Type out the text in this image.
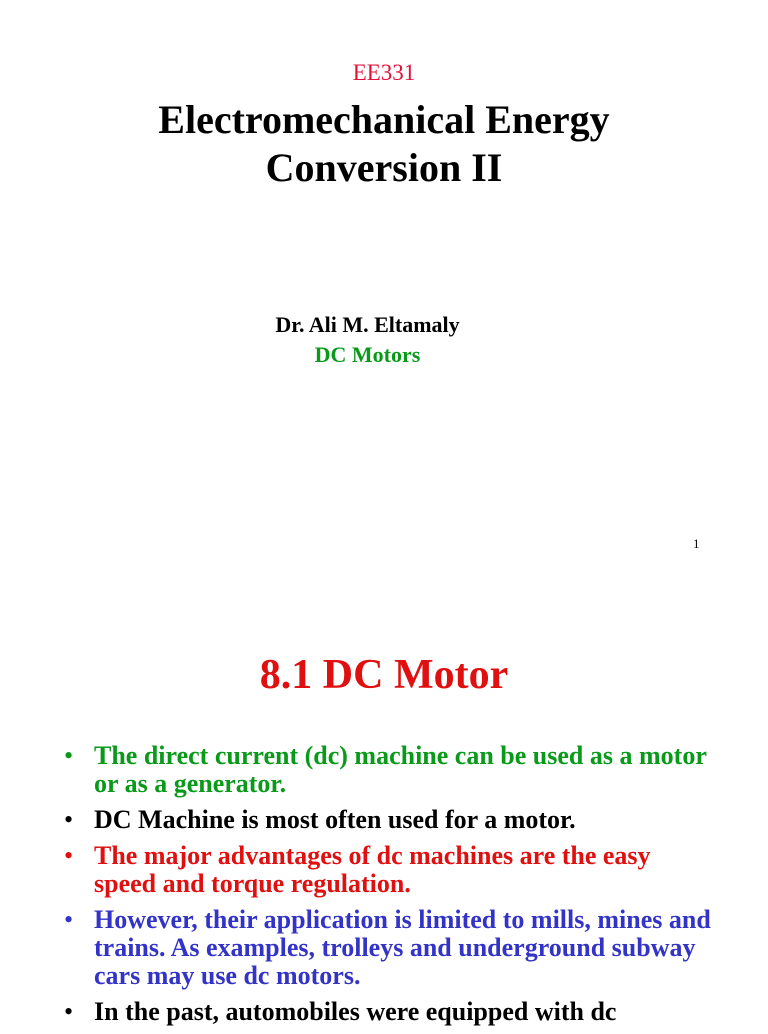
EE331
Electromechanical Energy
Conversion II
Dr. Ali M. Eltamaly
DC Motors
1
8.1 DC Motor
• The direct current (dc) machine can be used as a motor or as a generator.
• DC Machine is most often used for a motor.
• The major advantages of dc machines are the easy speed and torque regulation.
• However, their application is limited to mills, mines and trains. As examples, trolleys and underground subway cars may use dc motors.
• In the past, automobiles were equipped with dc
